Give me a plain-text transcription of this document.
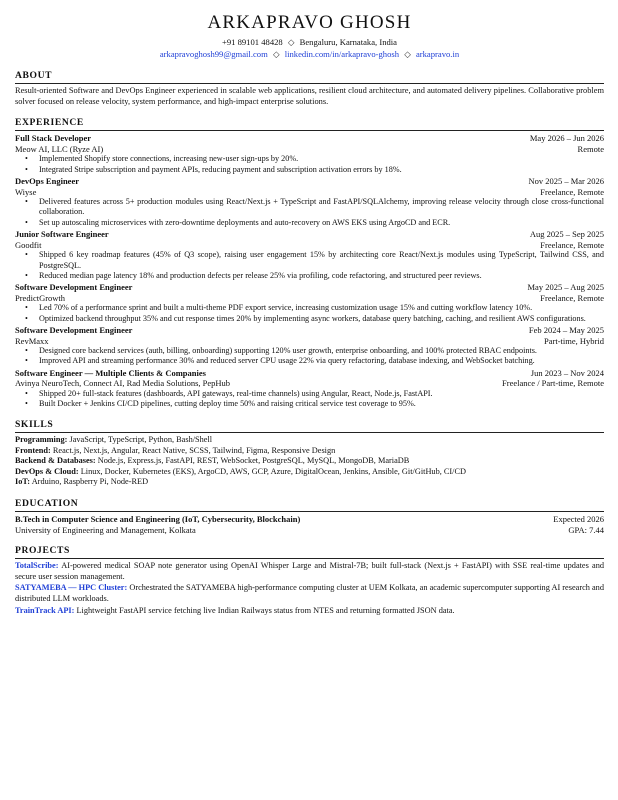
ARKAPRAVO GHOSH
+91 89101 48428 ◇ Bengaluru, Karnataka, India
arkapravoghosh99@gmail.com ◇ linkedin.com/in/arkapravo-ghosh ◇ arkapravo.in
ABOUT
Result-oriented Software and DevOps Engineer experienced in scalable web applications, resilient cloud architecture, and automated delivery pipelines. Collaborative problem solver focused on release velocity, system performance, and high-impact enterprise solutions.
EXPERIENCE
Full Stack Developer	May 2026 – Jun 2026
Meow AI, LLC (Ryze AI)	Remote
• Implemented Shopify store connections, increasing new-user sign-ups by 20%.
• Integrated Stripe subscription and payment APIs, reducing payment and subscription activation errors by 18%.
DevOps Engineer	Nov 2025 – Mar 2026
Wiyse	Freelance, Remote
• Delivered features across 5+ production modules using React/Next.js + TypeScript and FastAPI/SQLAlchemy, improving release velocity through close cross-functional collaboration.
• Set up autoscaling microservices with zero-downtime deployments and auto-recovery on AWS EKS using ArgoCD and ECR.
Junior Software Engineer	Aug 2025 – Sep 2025
Goodfit	Freelance, Remote
• Shipped 6 key roadmap features (45% of Q3 scope), raising user engagement 15% by architecting core React/Next.js modules using TypeScript, Tailwind CSS, and PostgreSQL.
• Reduced median page latency 18% and production defects per release 25% via profiling, code refactoring, and structured peer reviews.
Software Development Engineer	May 2025 – Aug 2025
PredictGrowth	Freelance, Remote
• Led 70% of a performance sprint and built a multi-theme PDF export service, increasing customization usage 15% and cutting workflow latency 10%.
• Optimized backend throughput 35% and cut response times 20% by implementing async workers, database query batching, caching, and resilient AWS configurations.
Software Development Engineer	Feb 2024 – May 2025
RevMaxx	Part-time, Hybrid
• Designed core backend services (auth, billing, onboarding) supporting 120% user growth, enterprise onboarding, and 100% protected RBAC endpoints.
• Improved API and streaming performance 30% and reduced server CPU usage 22% via query refactoring, database indexing, and WebSocket batching.
Software Engineer — Multiple Clients & Companies	Jun 2023 – Nov 2024
Avinya NeuroTech, Connect AI, Rad Media Solutions, PepHub	Freelance / Part-time, Remote
• Shipped 20+ full-stack features (dashboards, API gateways, real-time channels) using Angular, React, Node.js, FastAPI.
• Built Docker + Jenkins CI/CD pipelines, cutting deploy time 50% and raising critical service test coverage to 95%.
SKILLS
Programming: JavaScript, TypeScript, Python, Bash/Shell
Frontend: React.js, Next.js, Angular, React Native, SCSS, Tailwind, Figma, Responsive Design
Backend & Databases: Node.js, Express.js, FastAPI, REST, WebSocket, PostgreSQL, MySQL, MongoDB, MariaDB
DevOps & Cloud: Linux, Docker, Kubernetes (EKS), ArgoCD, AWS, GCP, Azure, DigitalOcean, Jenkins, Ansible, Git/GitHub, CI/CD
IoT: Arduino, Raspberry Pi, Node-RED
EDUCATION
B.Tech in Computer Science and Engineering (IoT, Cybersecurity, Blockchain)	Expected 2026
University of Engineering and Management, Kolkata	GPA: 7.44
PROJECTS
TotalScribe: AI-powered medical SOAP note generator using OpenAI Whisper Large and Mistral-7B; built full-stack (Next.js + FastAPI) with SSE real-time updates and secure user session management.
SATYAMEBA — HPC Cluster: Orchestrated the SATYAMEBA high-performance computing cluster at UEM Kolkata, an academic supercomputer supporting AI research and distributed LLM workloads.
TrainTrack API: Lightweight FastAPI service fetching live Indian Railways status from NTES and returning formatted JSON data.
